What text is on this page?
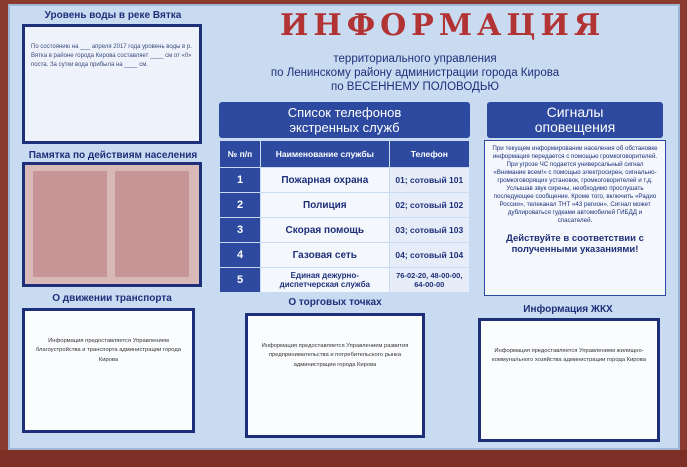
Уровень воды в реке Вятка
По состоянию на ___ апреля 2017 года уровень воды в р. Вятка в районе города Кирова составляет ____ см от «0» поста. За сутки вода прибыла на ____ см.
Памятка по действиям населения
ИНФОРМАЦИЯ
территориального управления
по Ленинскому району администрации города Кирова
по ВЕСЕННЕМУ ПОЛОВОДЬЮ
Список телефонов
экстренных служб
№ п/п	Наименование службы	Телефон
1	Пожарная охрана	01; сотовый 101
2	Полиция	02; сотовый 102
3	Скорая помощь	03; сотовый 103
4	Газовая сеть	04; сотовый 104
5	Единая дежурно-диспетчерская служба	76-02-20, 48-00-00, 64-00-00
Сигналы
оповещения
При текущем информировании населения об обстановке информация передается с помощью громкоговорителей. При угрозе ЧС подается универсальный сигнал «Внимание всем!» с помощью электросирен, сигнально-громкоговорящих установок, громкоговорителей и т.д. Услышав звук сирены, необходимо прослушать последующее сообщение. Кроме того, включить «Радио России», телеканал ТНТ «43 регион». Сигнал может дублироваться гудками автомобилей ГИБДД и спасателей.
Действуйте в соответствии с полученными указаниями!
О движении транспорта
Информация предоставляется Управлением благоустройства и транспорта администрации города Кирова
О торговых точках
Информация предоставляется Управлением развития предпринимательства и потребительского рынка администрации города Кирова
Информация ЖКХ
Информация предоставляется Управлением жилищно-коммунального хозяйства администрации города Кирова
